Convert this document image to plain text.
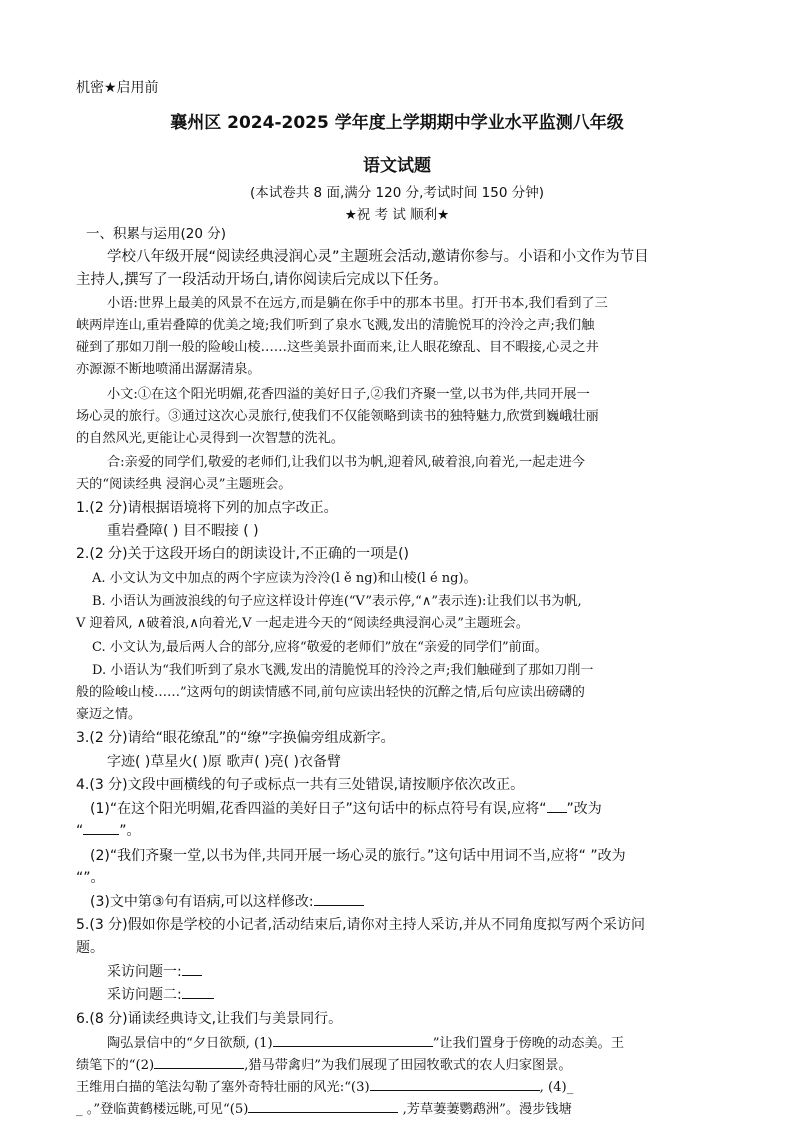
机密★启用前
襄州区 2024-2025 学年度上学期期中学业水平监测八年级
语文试题
(本试卷共 8 面,满分 120 分,考试时间 150 分钟)
★祝 考 试 顺利★
一、积累与运用(20 分)
学校八年级开展“阅读经典浸润心灵”主题班会活动,邀请你参与。小语和小文作为节目
主持人,撰写了一段活动开场白,请你阅读后完成以下任务。
小语:世界上最美的风景不在远方,而是躺在你手中的那本书里。打开书本,我们看到了三
峡两岸连山,重岩叠障的优美之境;我们听到了泉水飞溅,发出的清脆悦耳的泠泠之声;我们触
碰到了那如刀削一般的险峻山棱……这些美景扑面而来,让人眼花缭乱、目不暇接,心灵之井
亦源源不断地喷涌出潺潺清泉。
小文:①在这个阳光明媚,花香四溢的美好日子,②我们齐聚一堂,以书为伴,共同开展一
场心灵的旅行。③通过这次心灵旅行,使我们不仅能领略到读书的独特魅力,欣赏到巍峨壮丽
的自然风光,更能让心灵得到一次智慧的洗礼。
合:亲爱的同学们,敬爱的老师们,让我们以书为帆,迎着风,破着浪,向着光,一起走进今
天的“阅读经典 浸润心灵”主题班会。
1.(2 分)请根据语境将下列的加点字改正。
重岩叠障( ) 目不暇接 ( )
2.(2 分)关于这段开场白的朗读设计,不正确的一项是()
A. 小文认为文中加点的两个字应读为泠泠(l ě ng)和山棱(l é ng)。
B. 小语认为画波浪线的句子应这样设计停连(“V”表示停,“∧”表示连):让我们以书为帆,
V 迎着风, ∧破着浪,∧向着光,V 一起走进今天的“阅读经典浸润心灵”主题班会。
C. 小文认为,最后两人合的部分,应将“敬爱的老师们”放在“亲爱的同学们”前面。
D. 小语认为“我们听到了泉水飞溅,发出的清脆悦耳的泠泠之声;我们触碰到了那如刀削一
般的险峻山棱……”这两句的朗读情感不同,前句应读出轻快的沉醉之情,后句应读出磅礴的
豪迈之情。
3.(2 分)请给“眼花缭乱”的“缭”字换偏旁组成新字。
字迹( )草星火( )原 歌声( )亮( )衣备臂
4.(3 分)文段中画横线的句子或标点一共有三处错误,请按顺序依次改正。
(1)“在这个阳光明媚,花香四溢的美好日子”这句话中的标点符号有误,应将“ ”改为
“	”。
(2)“我们齐聚一堂,以书为伴,共同开展一场心灵的旅行。”这句话中用词不当,应将“ ”改为
“”。
(3)文中第③句有语病,可以这样修改:
5.(3 分)假如你是学校的小记者,活动结束后,请你对主持人采访,并从不同角度拟写两个采访问
题。
采访问题一:
采访问题二:
6.(8 分)诵读经典诗文,让我们与美景同行。
陶弘景信中的“夕日欲颓, (1)	”让我们置身于傍晚的动态美。王
绩笔下的“(2)	,猎马带禽归”为我们展现了田园牧歌式的农人归家图景。
王维用白描的笔法勾勒了塞外奇特壮丽的风光:“(3)	, (4)_
_ 。”登临黄鹤楼远眺,可见“(5)	,芳草萋萋鹦鹉洲”。漫步钱塘
